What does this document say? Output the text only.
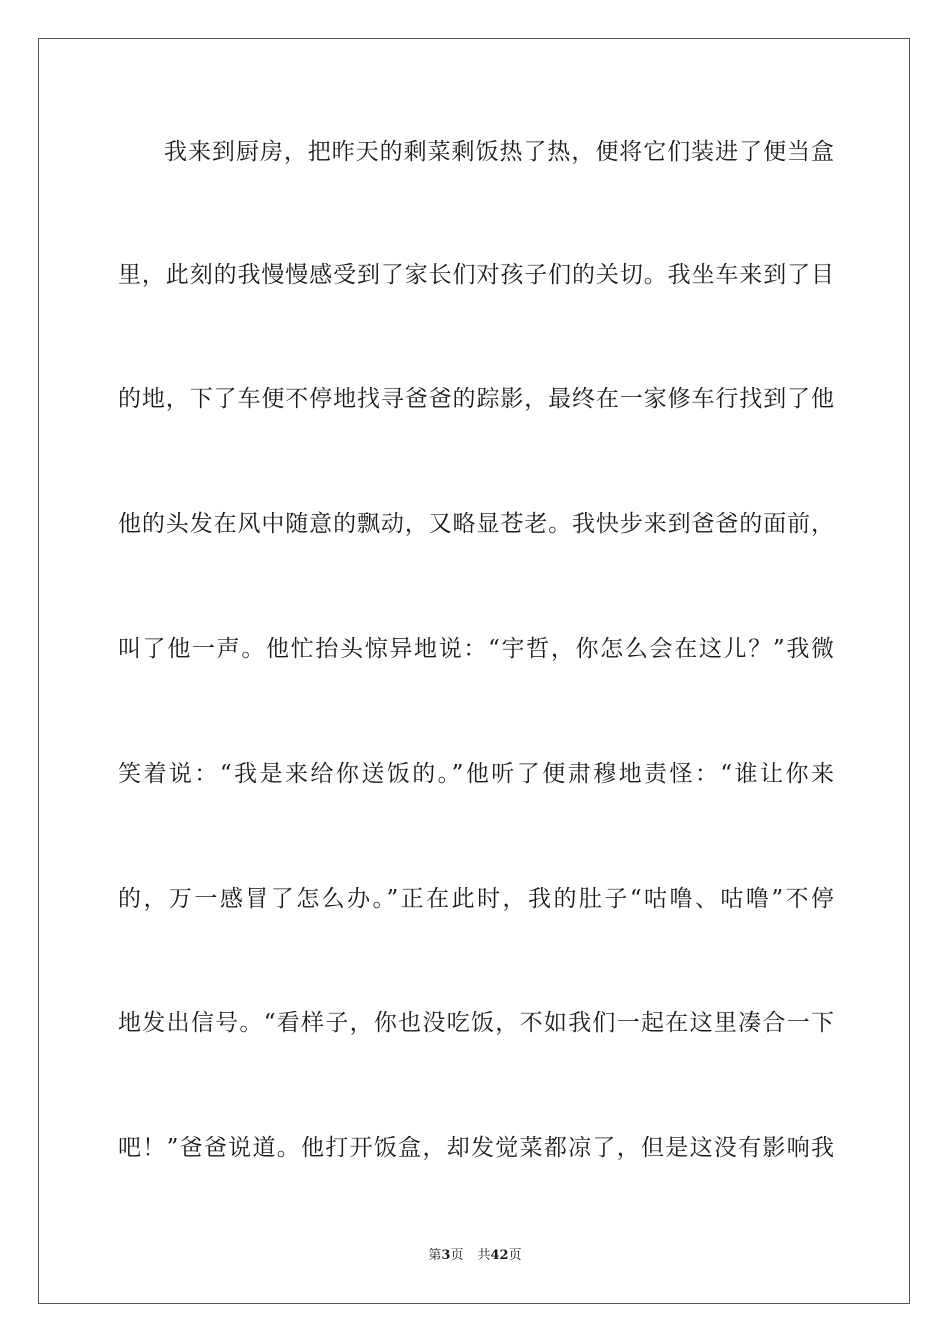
我来到厨房，把昨天的剩菜剩饭热了热，便将它们装进了便当盒
里，此刻的我慢慢感受到了家长们对孩子们的关切。我坐车来到了目
的地，下了车便不停地找寻爸爸的踪影，最终在一家修车行找到了他
他的头发在风中随意的飘动，又略显苍老。我快步来到爸爸的面前，
叫了他一声。他忙抬头惊异地说：“宇哲，你怎么会在这儿？”我微
笑着说：“我是来给你送饭的。”他听了便肃穆地责怪：“谁让你来
的，万一感冒了怎么办。”正在此时，我的肚子“咕噜、咕噜”不停
地发出信号。“看样子，你也没吃饭，不如我们一起在这里凑合一下
吧！”爸爸说道。他打开饭盒，却发觉菜都凉了，但是这没有影响我
第3页 共42页
